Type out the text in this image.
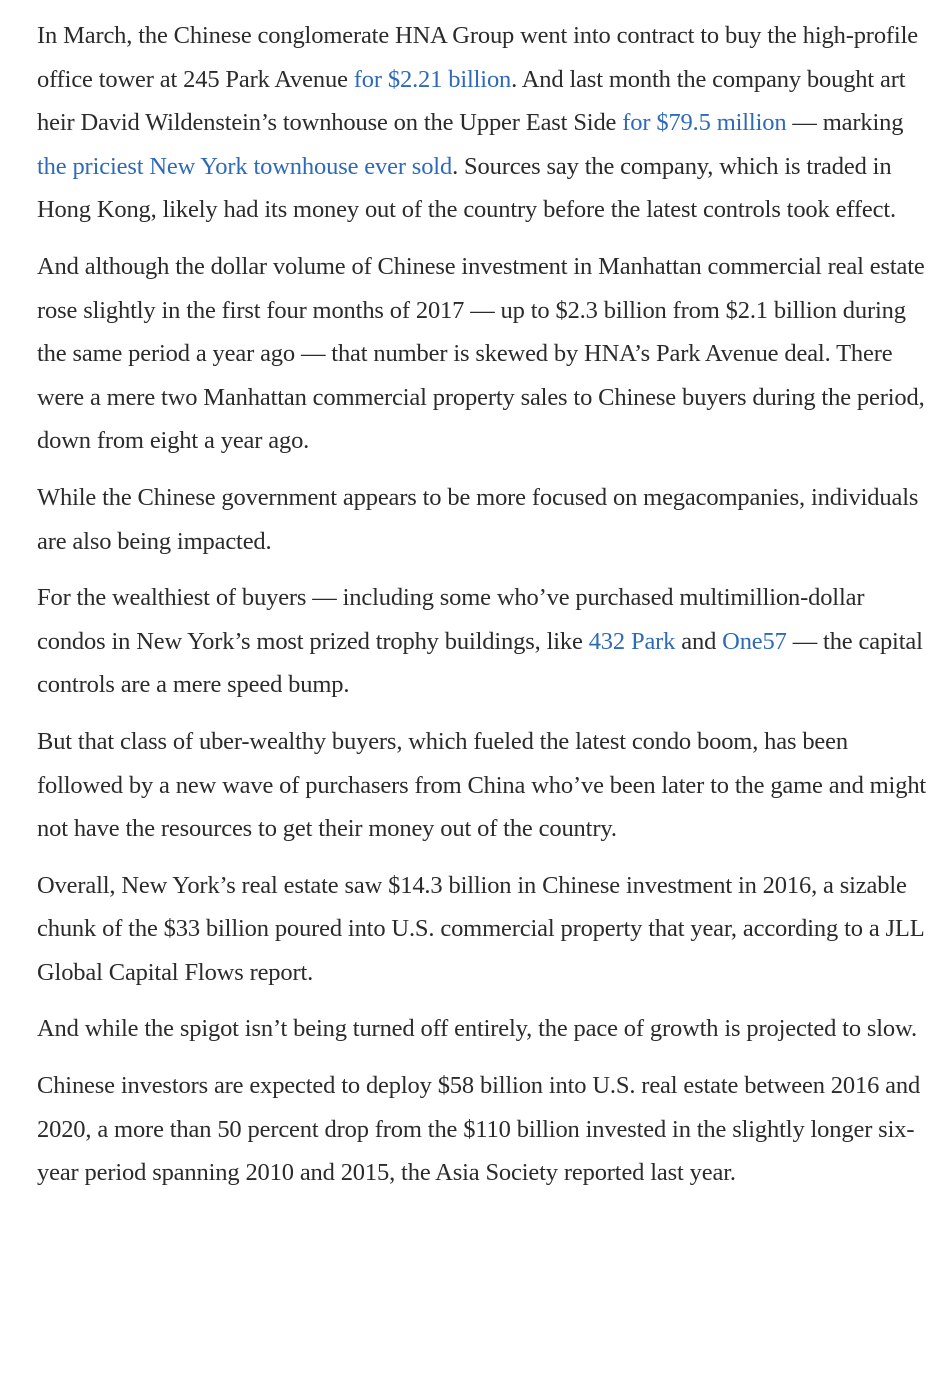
In March, the Chinese conglomerate HNA Group went into contract to buy the high-profile office tower at 245 Park Avenue for $2.21 billion. And last month the company bought art heir David Wildenstein’s townhouse on the Upper East Side for $79.5 million — marking the priciest New York townhouse ever sold. Sources say the company, which is traded in Hong Kong, likely had its money out of the country before the latest controls took effect.

And although the dollar volume of Chinese investment in Manhattan commercial real estate rose slightly in the first four months of 2017 — up to $2.3 billion from $2.1 billion during the same period a year ago — that number is skewed by HNA’s Park Avenue deal. There were a mere two Manhattan commercial property sales to Chinese buyers during the period, down from eight a year ago.

While the Chinese government appears to be more focused on megacompanies, individuals are also being impacted.

For the wealthiest of buyers — including some who’ve purchased multimillion-dollar condos in New York’s most prized trophy buildings, like 432 Park and One57 — the capital controls are a mere speed bump.

But that class of uber-wealthy buyers, which fueled the latest condo boom, has been followed by a new wave of purchasers from China who’ve been later to the game and might not have the resources to get their money out of the country.

Overall, New York’s real estate saw $14.3 billion in Chinese investment in 2016, a sizable chunk of the $33 billion poured into U.S. commercial property that year, according to a JLL Global Capital Flows report.

And while the spigot isn’t being turned off entirely, the pace of growth is projected to slow.

Chinese investors are expected to deploy $58 billion into U.S. real estate between 2016 and 2020, a more than 50 percent drop from the $110 billion invested in the slightly longer six-year period spanning 2010 and 2015, the Asia Society reported last year.
